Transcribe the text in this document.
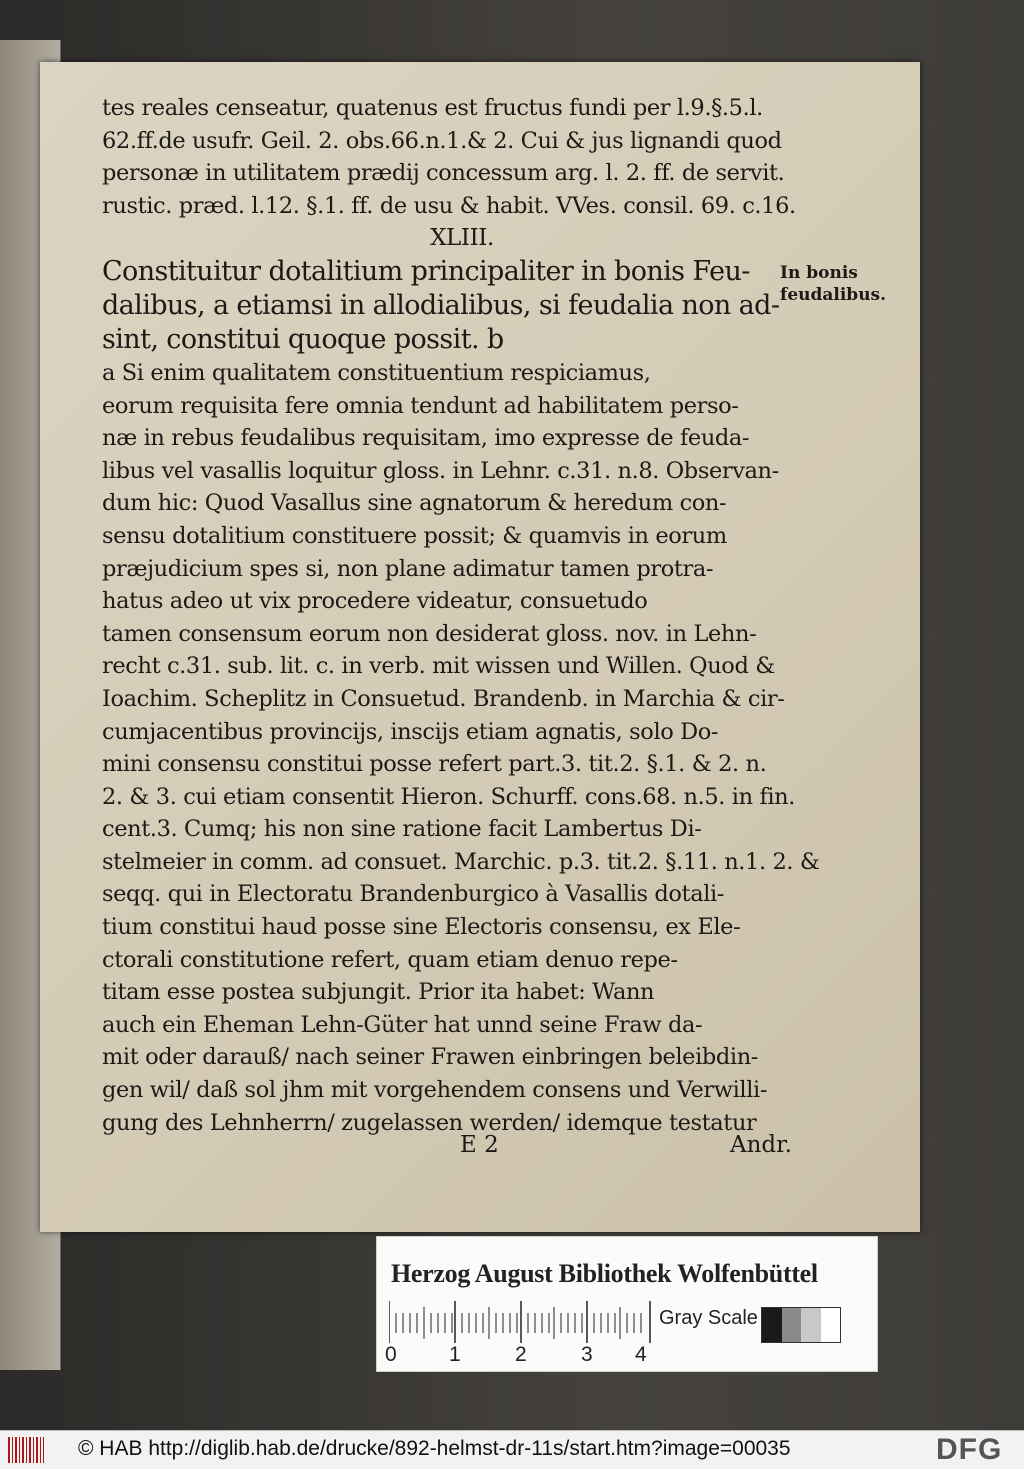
tes reales censeatur, quatenus est fructus fundi per l.9.§.5.l.
62.ff.de usufr. Geil. 2. obs.66.n.1.& 2. Cui & jus lignandi quod
personæ in utilitatem prædij concessum arg. l. 2. ff. de servit.
rustic. præd. l.12. §.1. ff. de usu & habit. VVes. consil. 69. c.16.
XLIII.
Constituitur dotalitium principaliter in bonis Feu-
dalibus, a etiamsi in allodialibus, si feudalia non ad-
sint, constitui quoque possit. b
a Si enim qualitatem constituentium respiciamus,
eorum requisita fere omnia tendunt ad habilitatem perso-
næ in rebus feudalibus requisitam, imo expresse de feuda-
libus vel vasallis loquitur gloss. in Lehnr. c.31. n.8. Observan-
dum hic: Quod Vasallus sine agnatorum & heredum con-
sensu dotalitium constituere possit; & quamvis in eorum
præjudicium spes si, non plane adimatur tamen protra-
hatus adeo ut vix procedere videatur, consuetudo
tamen consensum eorum non desiderat gloss. nov. in Lehn-
recht c.31. sub. lit. c. in verb. mit wissen und Willen. Quod &
Ioachim. Scheplitz in Consuetud. Brandenb. in Marchia & cir-
cumjacentibus provincijs, inscijs etiam agnatis, solo Do-
mini consensu constitui posse refert part.3. tit.2. §.1. & 2. n.
2. & 3. cui etiam consentit Hieron. Schurff. cons.68. n.5. in fin.
cent.3. Cumq; his non sine ratione facit Lambertus Di-
stelmeier in comm. ad consuet. Marchic. p.3. tit.2. §.11. n.1. 2. &
seqq. qui in Electoratu Brandenburgico à Vasallis dotali-
tium constitui haud posse sine Electoris consensu, ex Ele-
ctorali constitutione refert, quam etiam denuo repe-
titam esse postea subjungit. Prior ita habet: Wann
auch ein Eheman Lehn-Güter hat unnd seine Fraw da-
mit oder darauß/ nach seiner Frawen einbringen beleibdin-
gen wil/ daß sol jhm mit vorgehendem consens und Verwilli-
gung des Lehnherrn/ zugelassen werden/ idemque testatur
E 2	Andr.
In bonis
feudalibus.
Herzog August Bibliothek Wolfenbüttel
0 1	2	3 4
Gray Scale
© HAB http://diglib.hab.de/drucke/892-helmst-dr-11s/start.htm?image=00035	DFG
